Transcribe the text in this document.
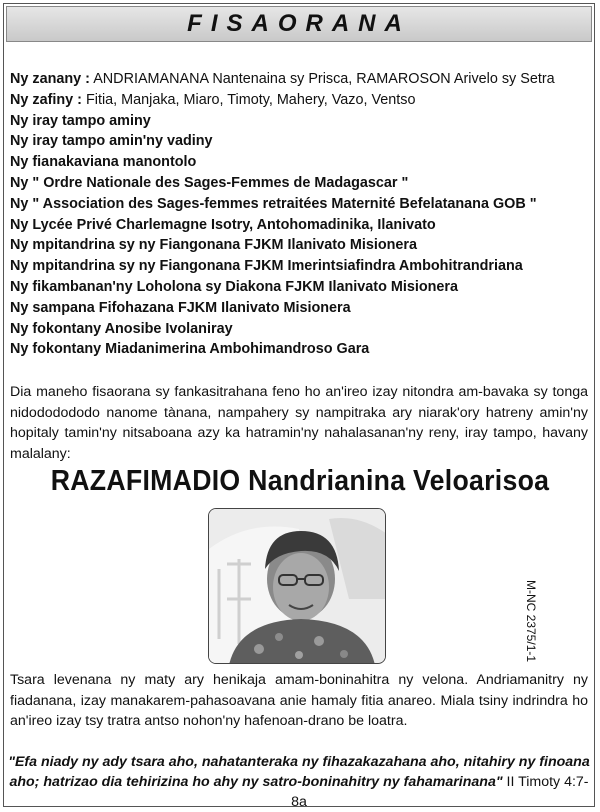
FISAORANA
Ny zanany : ANDRIAMANANA Nantenaina sy Prisca, RAMAROSON Arivelo sy Setra
Ny zafiny : Fitia, Manjaka, Miaro, Timoty, Mahery, Vazo, Ventso
Ny iray tampo aminy
Ny iray tampo amin'ny vadiny
Ny fianakaviana manontolo
Ny " Ordre Nationale des Sages-Femmes de Madagascar "
Ny " Association des Sages-femmes retraitées Maternité Befelatanana GOB "
Ny Lycée Privé Charlemagne Isotry, Antohomadinika, Ilanivato
Ny mpitandrina sy ny Fiangonana FJKM Ilanivato Misionera
Ny mpitandrina sy ny Fiangonana FJKM Imerintsiafindra Ambohitrandriana
Ny fikambanan'ny Loholona sy Diakona FJKM Ilanivato Misionera
Ny sampana Fifohazana FJKM Ilanivato Misionera
Ny fokontany Anosibe Ivolaniray
Ny fokontany Miadanimerina Ambohimandroso Gara
Dia maneho fisaorana sy fankasitrahana feno ho an'ireo izay nitondra am-bavaka sy tonga nidododododo nanome tànana, nampahery sy nampitraka ary niarak'ory hatreny amin'ny hopitaly tamin'ny nitsaboana azy ka hatramin'ny nahalasanan'ny reny, iray tampo, havany malalany:
RAZAFIMADIO Nandrianina Veloarisoa
M-NC 2375/1-1
Tsara levenana ny maty ary henikaja amam-boninahitra ny velona. Andriamanitry ny fiadanana, izay manakarem-pahasoavana anie hamaly fitia anareo. Miala tsiny indrindra ho an'ireo izay tsy tratra antso nohon'ny hafenoan-drano be loatra.
"Efa niady ny ady tsara aho, nahatanteraka ny fihazakazahana aho, nitahiry ny finoana aho; hatrizao dia tehirizina ho ahy ny satro-boninahitry ny fahamarinana" II Timoty 4:7-8a
